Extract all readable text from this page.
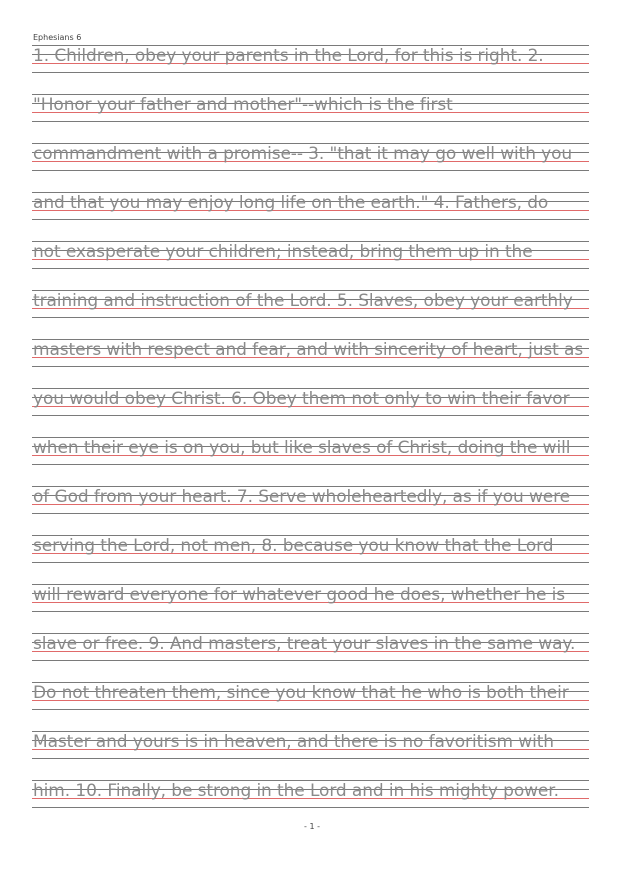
Ephesians 6
1. Children, obey your parents in the Lord, for this is right. 2.
"Honor your father and mother"--which is the first
commandment with a promise-- 3. "that it may go well with you
and that you may enjoy long life on the earth." 4. Fathers, do
not exasperate your children; instead, bring them up in the
training and instruction of the Lord. 5. Slaves, obey your earthly
masters with respect and fear, and with sincerity of heart, just as
you would obey Christ. 6. Obey them not only to win their favor
when their eye is on you, but like slaves of Christ, doing the will
of God from your heart. 7. Serve wholeheartedly, as if you were
serving the Lord, not men, 8. because you know that the Lord
will reward everyone for whatever good he does, whether he is
slave or free. 9. And masters, treat your slaves in the same way.
Do not threaten them, since you know that he who is both their
Master and yours is in heaven, and there is no favoritism with
him. 10. Finally, be strong in the Lord and in his mighty power.
- 1 -
